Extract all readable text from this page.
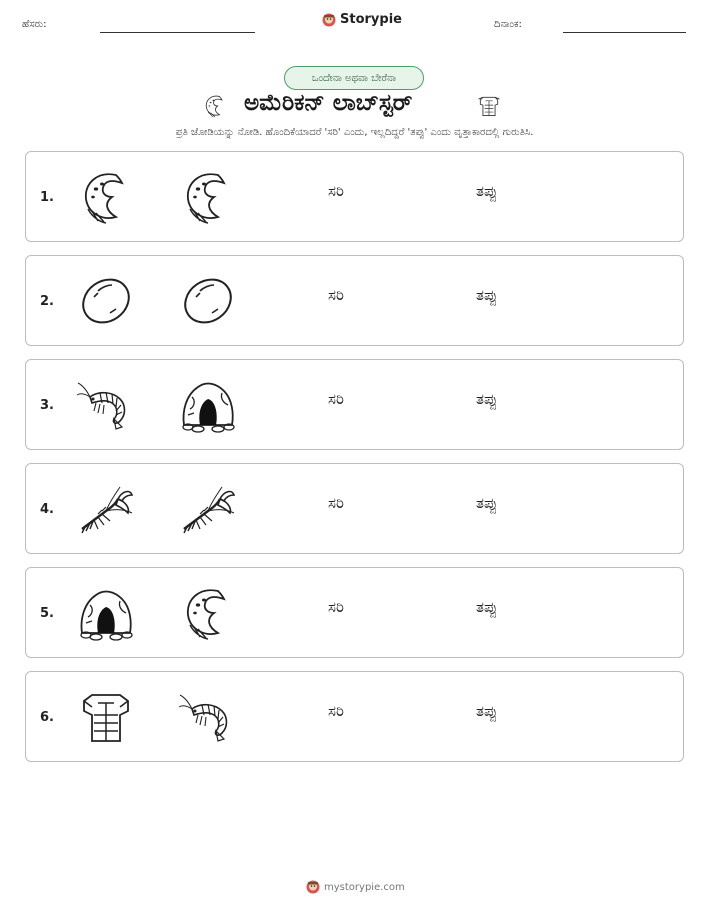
ಹೆಸರು:	Storypie	ದಿನಾಂಕ:
ಒಂದೇನಾ ಅಥವಾ ಬೇರೆನಾ
ಅಮೆರಿಕನ್ ಲಾಬ್‌ಸ್ಟರ್
ಪ್ರತಿ ಜೋಡಿಯನ್ನು ನೋಡಿ. ಹೊಂದಿಕೆಯಾದರೆ 'ಸರಿ' ಎಂದು, ಇಲ್ಲದಿದ್ದರೆ 'ತಪ್ಪು' ಎಂದು ವೃತ್ತಾಕಾರದಲ್ಲಿ ಗುರುತಿಸಿ.
1.	ಸರಿ	ತಪ್ಪು
2.	ಸರಿ	ತಪ್ಪು
3.	ಸರಿ	ತಪ್ಪು
4.	ಸರಿ	ತಪ್ಪು
5.	ಸರಿ	ತಪ್ಪು
6.	ಸರಿ	ತಪ್ಪು
mystorypie.com
